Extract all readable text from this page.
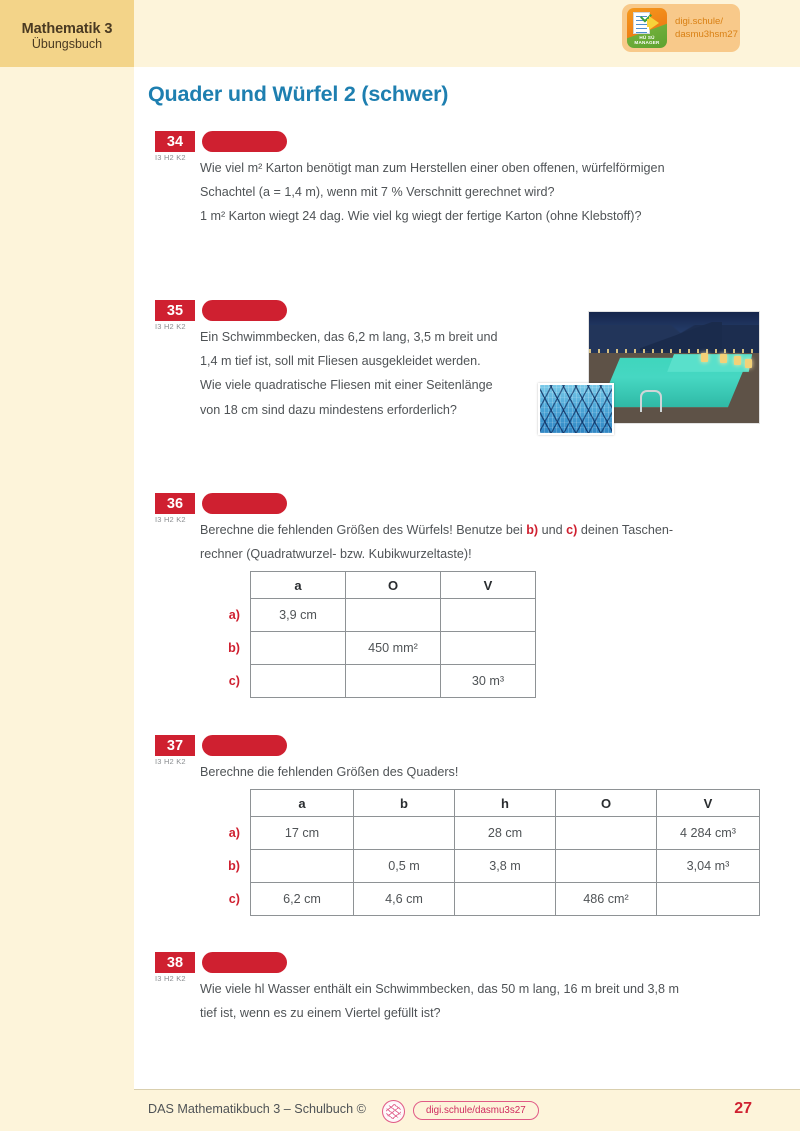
Mathematik 3
Übungsbuch
HÜ SÜ
MANAGER
digi.schule/
dasmu3hsm27
Quader und Würfel 2 (schwer)
34
I3 H2 K2
Wie viel m² Karton benötigt man zum Herstellen einer oben offenen, würfelförmigen
Schachtel (a = 1,4 m), wenn mit 7 % Verschnitt gerechnet wird?
1 m² Karton wiegt 24 dag. Wie viel kg wiegt der fertige Karton (ohne Klebstoff)?
35
I3 H2 K2
Ein Schwimmbecken, das 6,2 m lang, 3,5 m breit und
1,4 m tief ist, soll mit Fliesen ausgekleidet werden.
Wie viele quadratische Fliesen mit einer Seitenlänge
von 18 cm sind dazu mindestens erforderlich?
36
I3 H2 K2
Berechne die fehlenden Größen des Würfels! Benutze bei b) und c) deinen Taschen-
rechner (Quadratwurzel- bzw. Kubikwurzeltaste)!
	a	O	V
a)	3,9 cm		
b)		450 mm²	
c)			30 m³
37
I3 H2 K2
Berechne die fehlenden Größen des Quaders!
	a	b	h	O	V
a)	17 cm		28 cm		4 284 cm³
b)		0,5 m	3,8 m		3,04 m³
c)	6,2 cm	4,6 cm		486 cm²	
38
I3 H2 K2
Wie viele hl Wasser enthält ein Schwimmbecken, das 50 m lang, 16 m breit und 3,8 m
tief ist, wenn es zu einem Viertel gefüllt ist?
DAS Mathematikbuch 3 – Schulbuch ©	digi.schule/dasmu3s27	27
